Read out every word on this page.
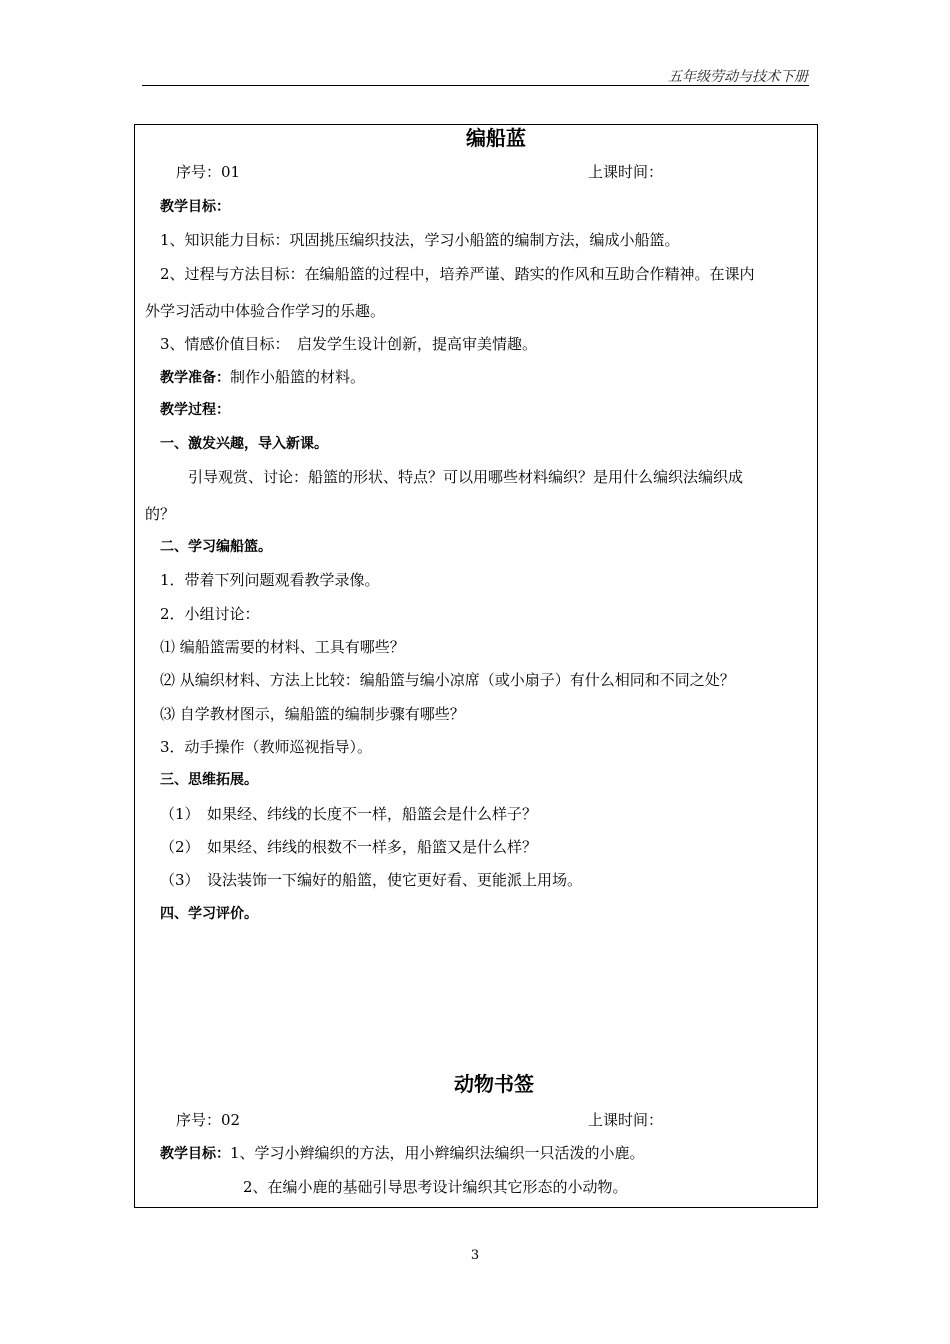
五年级劳动与技术下册
编船蓝
序号：01	上课时间：
教学目标：
1、知识能力目标：巩固挑压编织技法，学习小船篮的编制方法，编成小船篮。
2、过程与方法目标：在编船篮的过程中，培养严谨、踏实的作风和互助合作精神。在课内
外学习活动中体验合作学习的乐趣。
3、情感价值目标：　启发学生设计创新，提高审美情趣。
教学准备：制作小船篮的材料。
教学过程：
一、激发兴趣，导入新课。
引导观赏、讨论：船篮的形状、特点？可以用哪些材料编织？是用什么编织法编织成
的？
二、学习编船篮。
1．带着下列问题观看教学录像。
2．小组讨论：
⑴ 编船篮需要的材料、工具有哪些？
⑵ 从编织材料、方法上比较：编船篮与编小凉席（或小扇子）有什么相同和不同之处？
⑶ 自学教材图示，编船篮的编制步骤有哪些？
3．动手操作（教师巡视指导）。
三、思维拓展。
（1）　如果经、纬线的长度不一样，船篮会是什么样子？
（2）　如果经、纬线的根数不一样多，船篮又是什么样？
（3）　设法装饰一下编好的船篮，使它更好看、更能派上用场。
四、学习评价。
动物书签
序号：02	上课时间：
教学目标：1、学习小辫编织的方法，用小辫编织法编织一只活泼的小鹿。
2、在编小鹿的基础引导思考设计编织其它形态的小动物。
3
